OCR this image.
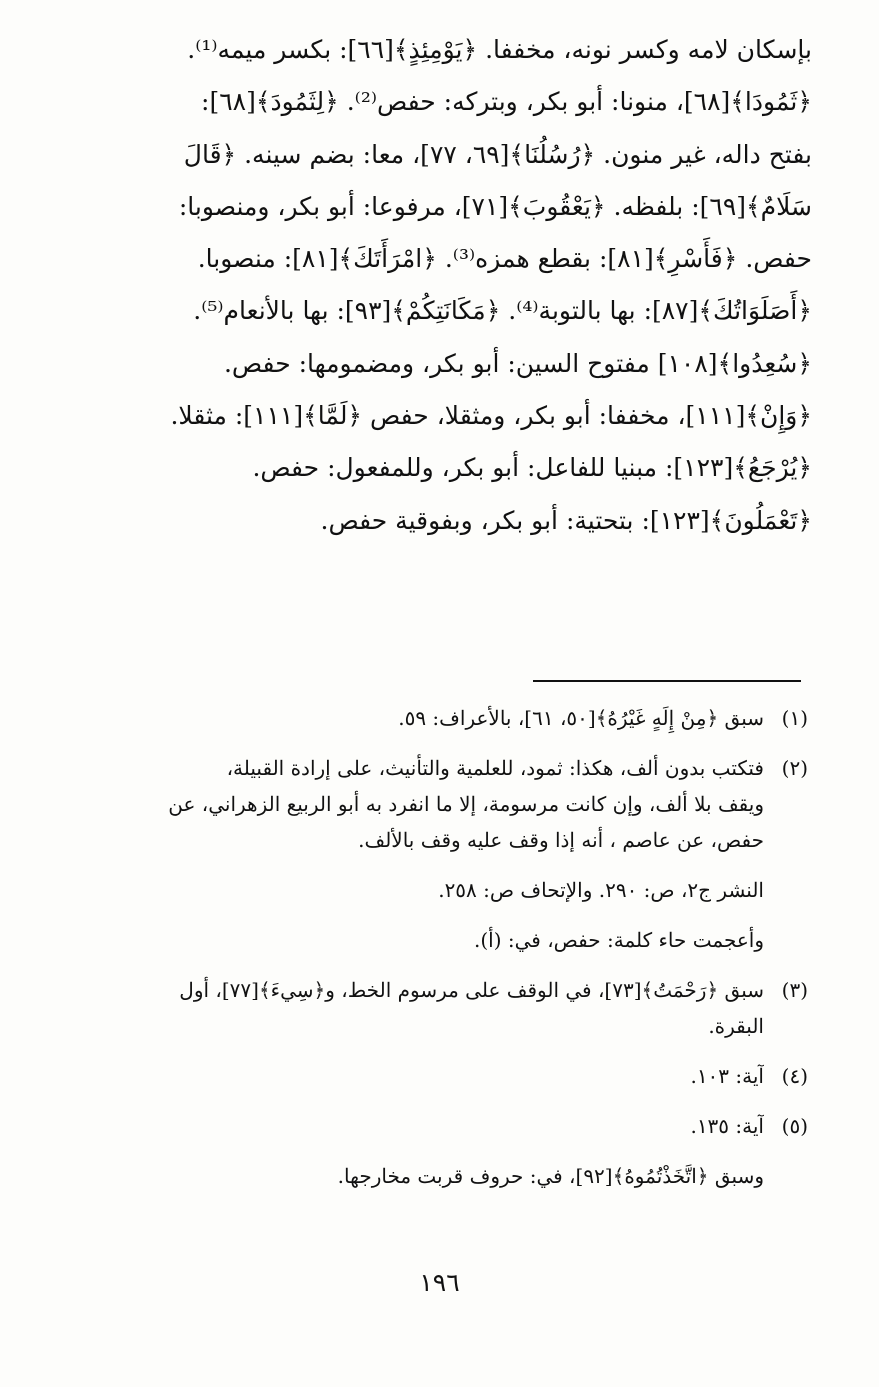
بإسكان لامه وكسر نونه، مخففا. ﴿يَوْمِئِذٍ﴾[٦٦]: بكسر ميمه⁽¹⁾.
﴿ثَمُودَا﴾[٦٨]، منونا: أبو بكر، وبتركه: حفص⁽²⁾. ﴿لِثَمُودَ﴾[٦٨]:
بفتح داله، غير منون. ﴿رُسُلُنَا﴾[٦٩، ٧٧]، معا: بضم سينه. ﴿قَالَ
سَلَامٌ﴾[٦٩]: بلفظه. ﴿يَعْقُوبَ﴾[٧١]، مرفوعا: أبو بكر، ومنصوبا:
حفص. ﴿فَأَسْرِ﴾[٨١]: بقطع همزه⁽³⁾. ﴿امْرَأَتَكَ﴾[٨١]: منصوبا.
﴿أَصَلَوَاتُكَ﴾[٨٧]: بها بالتوبة⁽⁴⁾. ﴿مَكَانَتِكُمْ﴾[٩٣]: بها بالأنعام⁽⁵⁾.
﴿سُعِدُوا﴾[١٠٨] مفتوح السين: أبو بكر، ومضمومها: حفص.
﴿وَإِنْ﴾[١١١]، مخففا: أبو بكر، ومثقلا، حفص ﴿لَمَّا﴾[١١١]: مثقلا.
﴿يُرْجَعُ﴾[١٢٣]: مبنيا للفاعل: أبو بكر، وللمفعول: حفص.
﴿تَعْمَلُونَ﴾[١٢٣]: بتحتية: أبو بكر، وبفوقية حفص.
(١)
سبق ﴿مِنْ إِلَهٍ غَيْرُهُ﴾[٥٠، ٦١]، بالأعراف: ٥٩.
(٢)
فتكتب بدون ألف، هكذا: ثمود، للعلمية والتأنيث، على إرادة القبيلة،
ويقف بلا ألف، وإن كانت مرسومة، إلا ما انفرد به أبو الربيع الزهراني، عن
حفص، عن عاصم ، أنه إذا وقف عليه وقف بالألف.
النشر ج٢، ص: ٢٩٠. والإتحاف ص: ٢٥٨.
وأعجمت حاء كلمة: حفص، في: (أ).
(٣)
سبق ﴿رَحْمَتُ﴾[٧٣]، في الوقف على مرسوم الخط، و﴿سِيءَ﴾[٧٧]، أول
البقرة.
(٤)
آية: ١٠٣.
(٥)
آية: ١٣٥.
وسبق ﴿اتَّخَذْتُمُوهُ﴾[٩٢]، في: حروف قربت مخارجها.
١٩٦
